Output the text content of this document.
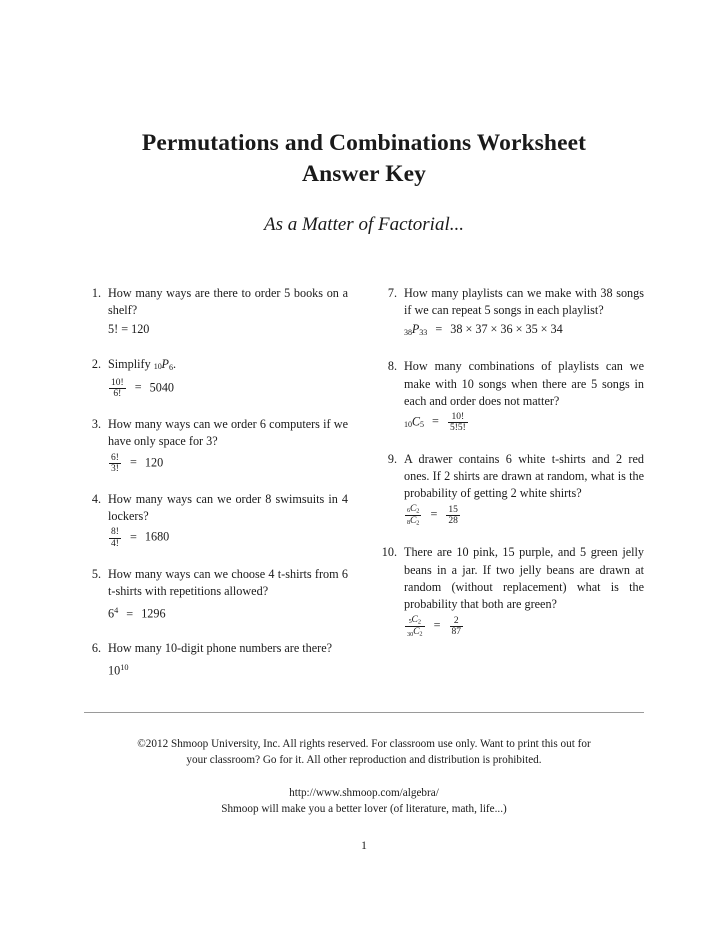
Permutations and Combinations Worksheet
Answer Key
As a Matter of Factorial...
1. How many ways are there to order 5 books on a shelf?
5! = 120
2. Simplify $_{10}P_6$.
$\frac{10!}{6!} = 5040$
3. How many ways can we order 6 computers if we have only space for 3?
$\frac{6!}{3!} = 120$
4. How many ways can we order 8 swimsuits in 4 lockers?
$\frac{8!}{4!} = 1680$
5. How many ways can we choose 4 t-shirts from 6 t-shirts with repetitions allowed?
$6^4 = 1296$
6. How many 10-digit phone numbers are there?
$10^{10}$
7. How many playlists can we make with 38 songs if we can repeat 5 songs in each playlist?
$_{38}P_{33} = 38 \times 37 \times 36 \times 35 \times 34$
8. How many combinations of playlists can we make with 10 songs when there are 5 songs in each and order does not matter?
$_{10}C_5 = \frac{10!}{5!5!}$
9. A drawer contains 6 white t-shirts and 2 red ones. If 2 shirts are drawn at random, what is the probability of getting 2 white shirts?
$\frac{_6C_2}{_8C_2} = \frac{15}{28}$
10. There are 10 pink, 15 purple, and 5 green jelly beans in a jar. If two jelly beans are drawn at random (without replacement) what is the probability that both are green?
$\frac{_5C_2}{_{30}C_2} = \frac{2}{87}$
©2012 Shmoop University, Inc. All rights reserved. For classroom use only. Want to print this out for
your classroom? Go for it. All other reproduction and distribution is prohibited.
http://www.shmoop.com/algebra/
Shmoop will make you a better lover (of literature, math, life...)
1
